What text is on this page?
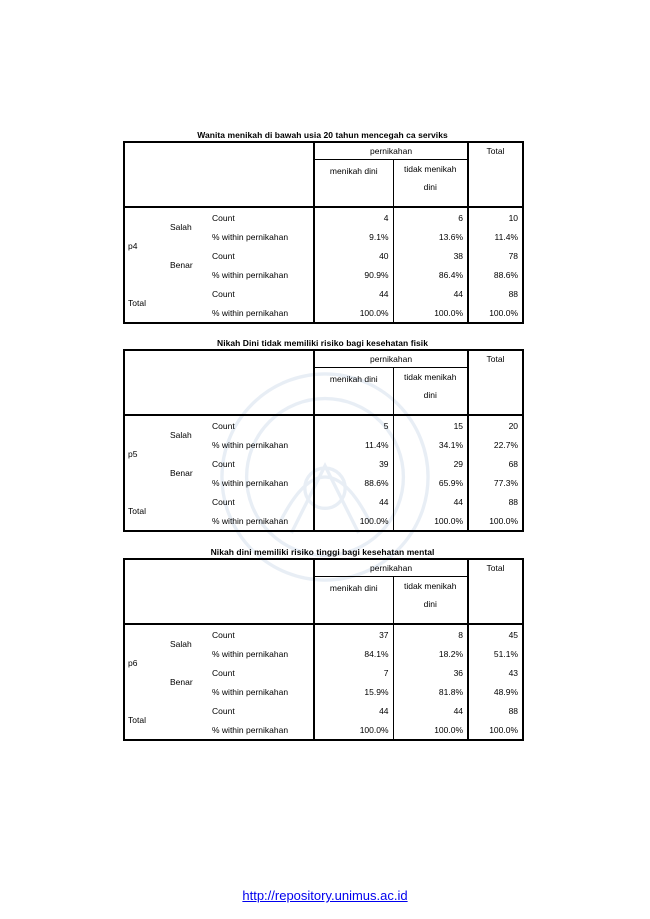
Wanita menikah di bawah usia 20 tahun mencegah ca serviks
			pernikahan		Total
			menikah dini	tidak menikah dini	
p4	Salah	Count	4	6	10
		% within pernikahan	9.1%	13.6%	11.4%
	Benar	Count	40	38	78
		% within pernikahan	90.9%	86.4%	88.6%
Total		Count	44	44	88
		% within pernikahan	100.0%	100.0%	100.0%
Nikah Dini tidak memiliki risiko bagi kesehatan fisik
			pernikahan		Total
			menikah dini	tidak menikah dini	
p5	Salah	Count	5	15	20
		% within pernikahan	11.4%	34.1%	22.7%
	Benar	Count	39	29	68
		% within pernikahan	88.6%	65.9%	77.3%
Total		Count	44	44	88
		% within pernikahan	100.0%	100.0%	100.0%
Nikah dini memiliki risiko tinggi bagi kesehatan mental
			pernikahan		Total
			menikah dini	tidak menikah dini	
p6	Salah	Count	37	8	45
		% within pernikahan	84.1%	18.2%	51.1%
	Benar	Count	7	36	43
		% within pernikahan	15.9%	81.8%	48.9%
Total		Count	44	44	88
		% within pernikahan	100.0%	100.0%	100.0%
http://repository.unimus.ac.id
